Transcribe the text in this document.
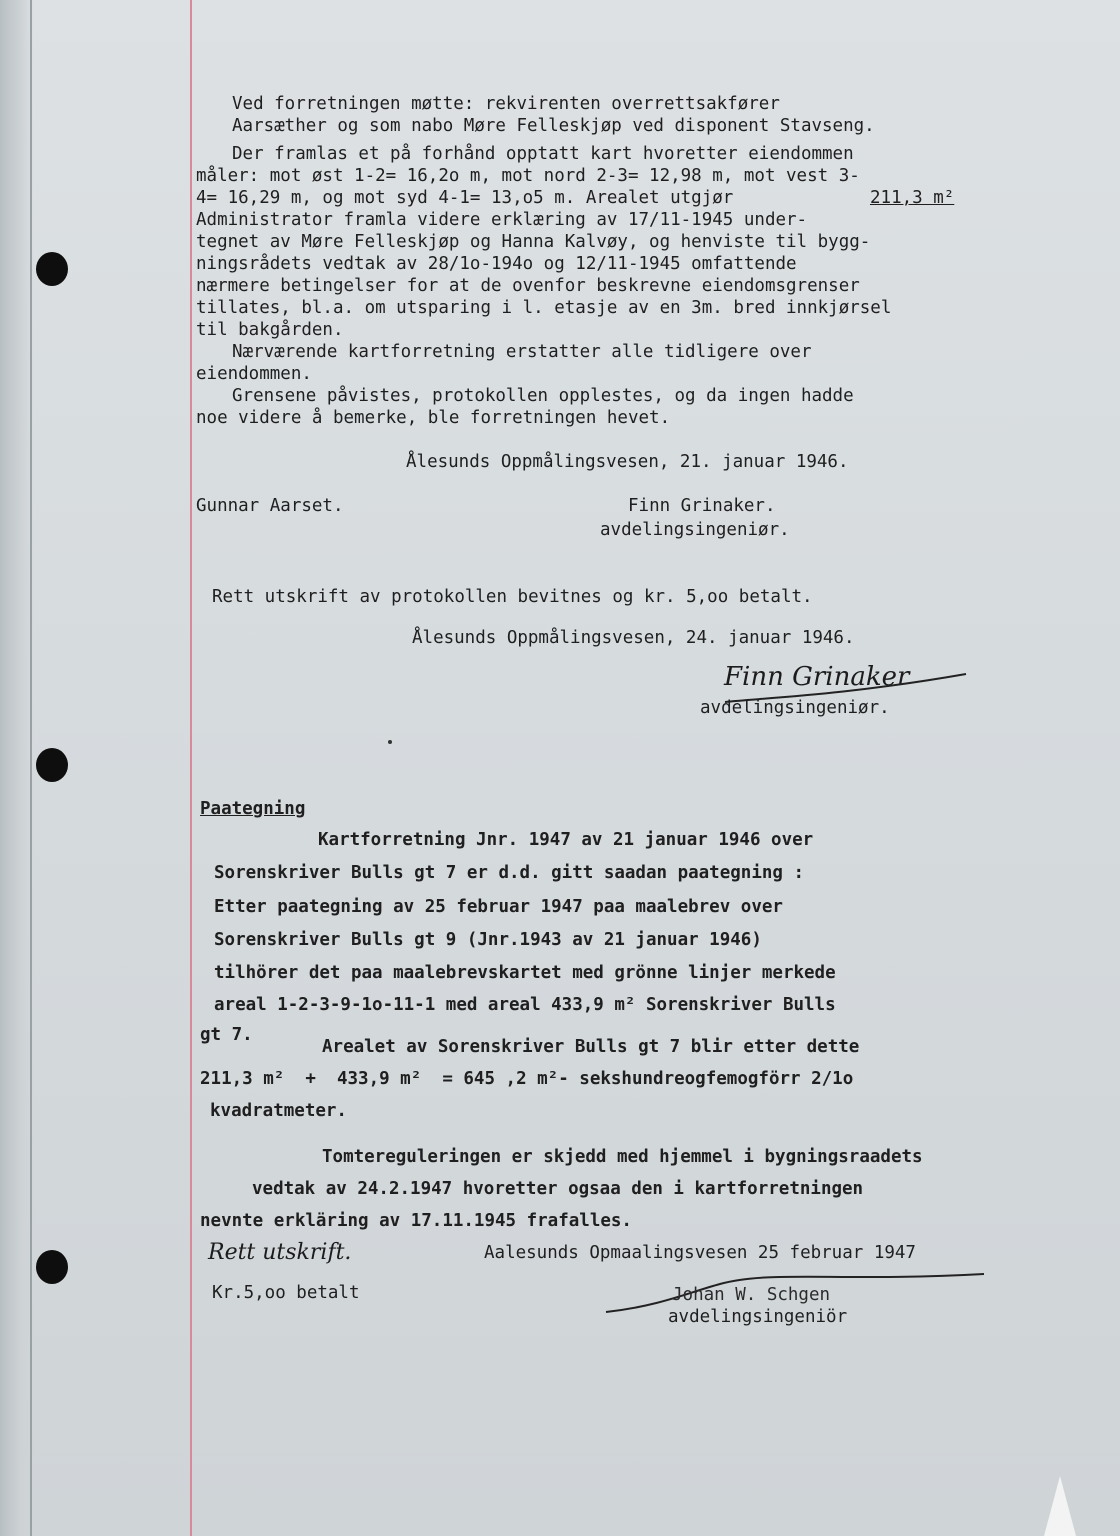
Ved forretningen møtte: rekvirenten overrettsakfører
Aarsæther og som nabo Møre Felleskjøp ved disponent Stavseng.
Der framlas et på forhånd opptatt kart hvoretter eiendommen
måler: mot øst 1-2= 16,2o m, mot nord 2-3= 12,98 m, mot vest 3-
4= 16,29 m, og mot syd 4-1= 13,o5 m. Arealet utgjør	211,3 m²
Administrator framla videre erklæring av 17/11-1945 under-
tegnet av Møre Felleskjøp og Hanna Kalvøy, og henviste til bygg-
ningsrådets vedtak av 28/1o-194o og 12/11-1945 omfattende
nærmere betingelser for at de ovenfor beskrevne eiendomsgrenser
tillates, bl.a. om utsparing i l. etasje av en 3m. bred innkjørsel
til bakgården.
Nærværende kartforretning erstatter alle tidligere over
eiendommen.
Grensene påvistes, protokollen opplestes, og da ingen hadde
noe videre å bemerke, ble forretningen hevet.
Ålesunds Oppmålingsvesen, 21. januar 1946.
Gunnar Aarset.	Finn Grinaker.
avdelingsingeniør.
Rett utskrift av protokollen bevitnes og kr. 5,oo betalt.
Ålesunds Oppmålingsvesen, 24. januar 1946.
Finn Grinaker
avdelingsingeniør.
Paategning
Kartforretning Jnr. 1947 av 21 januar 1946 over
Sorenskriver Bulls gt 7 er d.d. gitt saadan paategning :
Etter paategning av 25 februar 1947 paa maalebrev over
Sorenskriver Bulls gt 9 (Jnr.1943 av 21 januar 1946)
tilhörer det paa maalebrevskartet med grönne linjer merkede
areal 1-2-3-9-1o-11-1 med areal 433,9 m² Sorenskriver Bulls
gt 7.
Arealet av Sorenskriver Bulls gt 7 blir etter dette
211,3 m²  +  433,9 m²  = 645 ,2 m²- sekshundreogfemogförr 2/1o
kvadratmeter.
Tomtereguleringen er skjedd med hjemmel i bygningsraadets
vedtak av 24.2.1947 hvoretter ogsaa den i kartforretningen
nevnte erkläring av 17.11.1945 frafalles.
Rett utskrift.	Aalesunds Opmaalingsvesen 25 februar 1947
Kr.5,oo betalt	Johan W. Schgen
avdelingsingeniör
